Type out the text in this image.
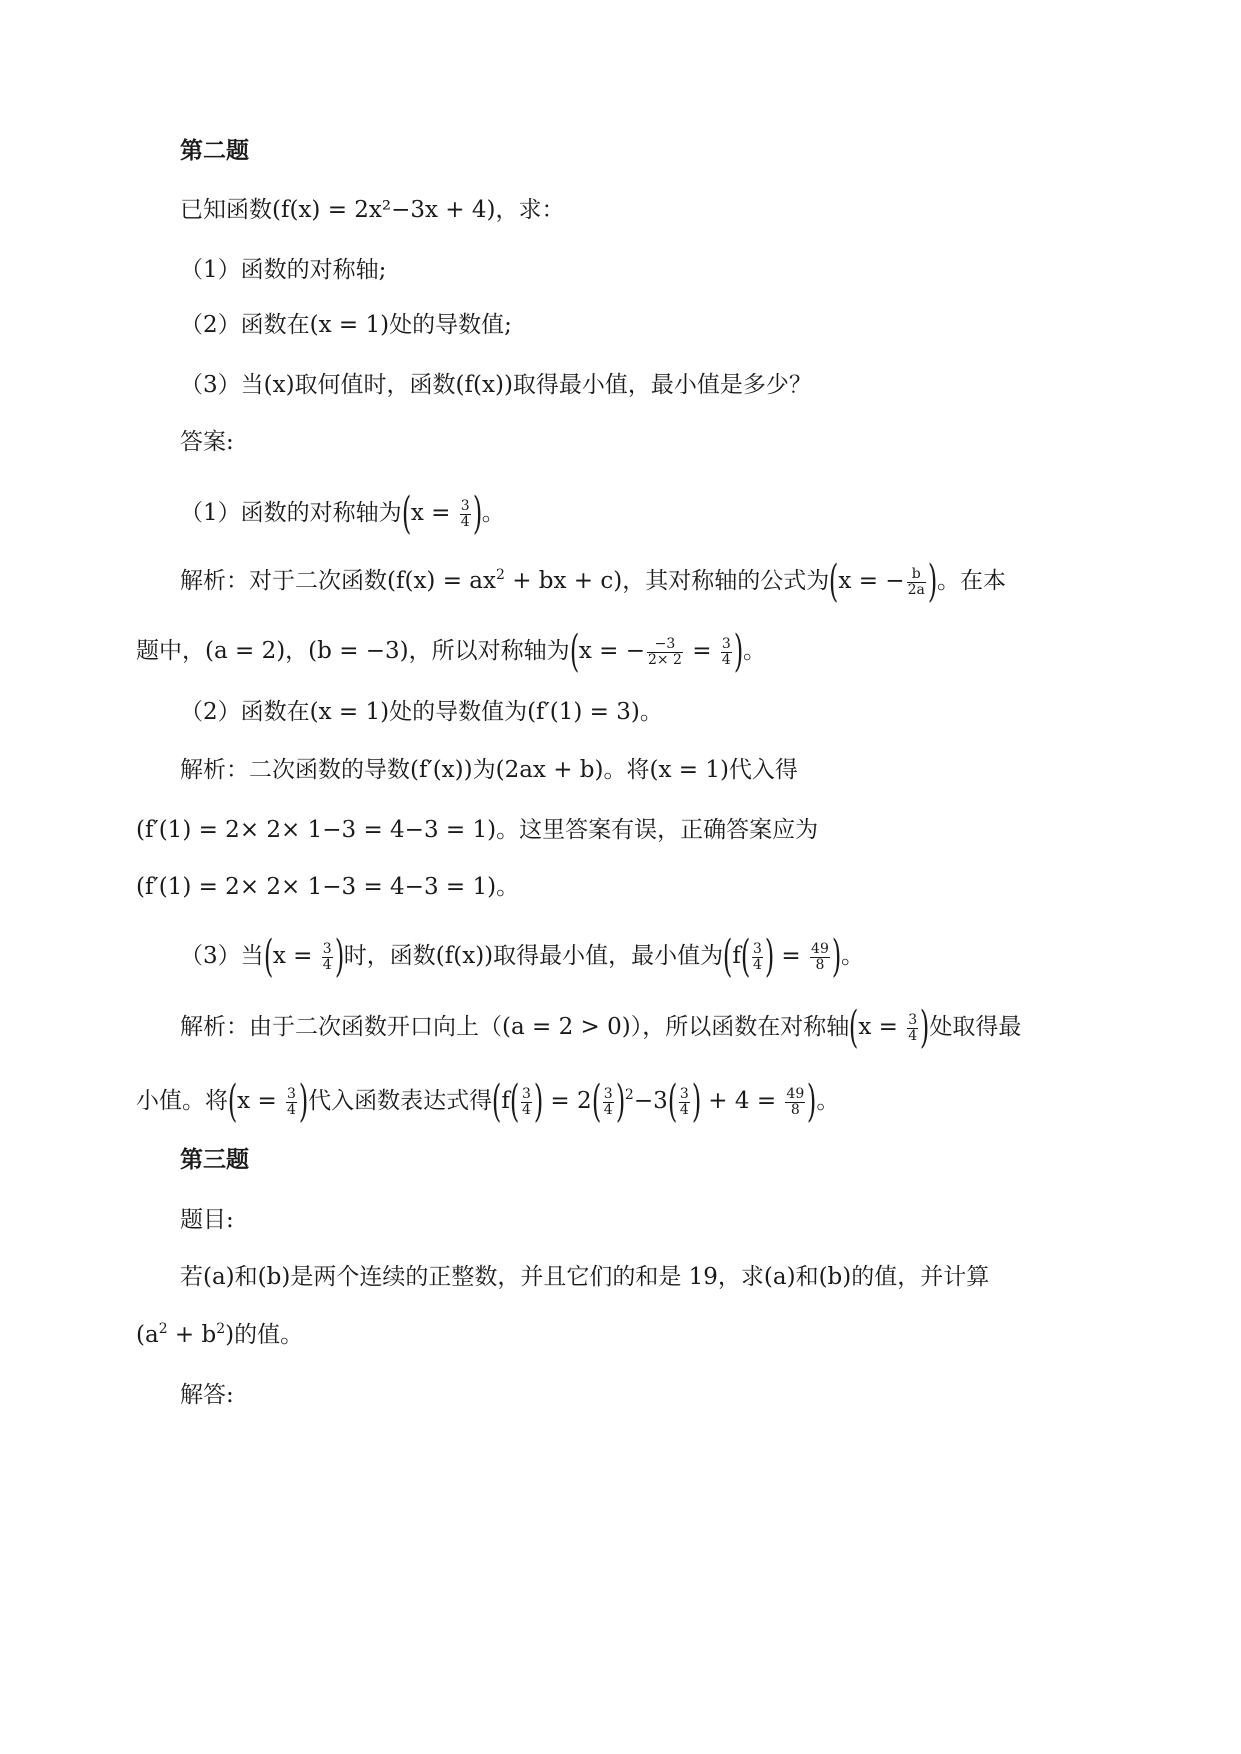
第二题
已知函数(f(x) = 2x²−3x + 4)，求：
（1）函数的对称轴;
（2）函数在(x = 1)处的导数值;
（3）当(x)取何值时，函数(f(x))取得最小值，最小值是多少？
答案:
（1）函数的对称轴为($x = \frac{3}{4}$ )。
解析：对于二次函数($f(x) = ax^2$ + bx + c)，其对称轴的公式为(x = − $\frac{b}{2a}$ )。在本
题中，(a = 2)，(b = −3)，所以对称轴为(x = − $\frac{-3}{2\times 2} = \frac{3}{4}$ )。
（2）函数在(x = 1)处的导数值为(f′(1) = 3)。
解析：二次函数的导数(f′(x))为(2ax + b)。将(x = 1)代入得
(f′(1) = 2× 2× 1−3 = 4−3 = 1)。这里答案有误，正确答案应为
(f′(1) = 2× 2× 1−3 = 4−3 = 1)。
（3）当($x = \frac{3}{4}$ )时，函数(f(x))取得最小值，最小值为($f( \frac{3}{4}$ ) = $\frac{49}{8}$ )。
解析：由于二次函数开口向上（(a = 2 > 0)），所以函数在对称轴($x = \frac{3}{4}$ )处取得最
小值。将($x = \frac{3}{4}$ )代入函数表达式得($f( \frac{3}{4}$ ) = $2( \frac{3}{4} )^2-3( \frac{3}{4}$ ) + $4 = \frac{49}{8}$ )。
第三题
题目:
若(a)和(b)是两个连续的正整数，并且它们的和是 19，求(a)和(b)的值，并计算
$(a^2 + b^2)$的值。
解答:
